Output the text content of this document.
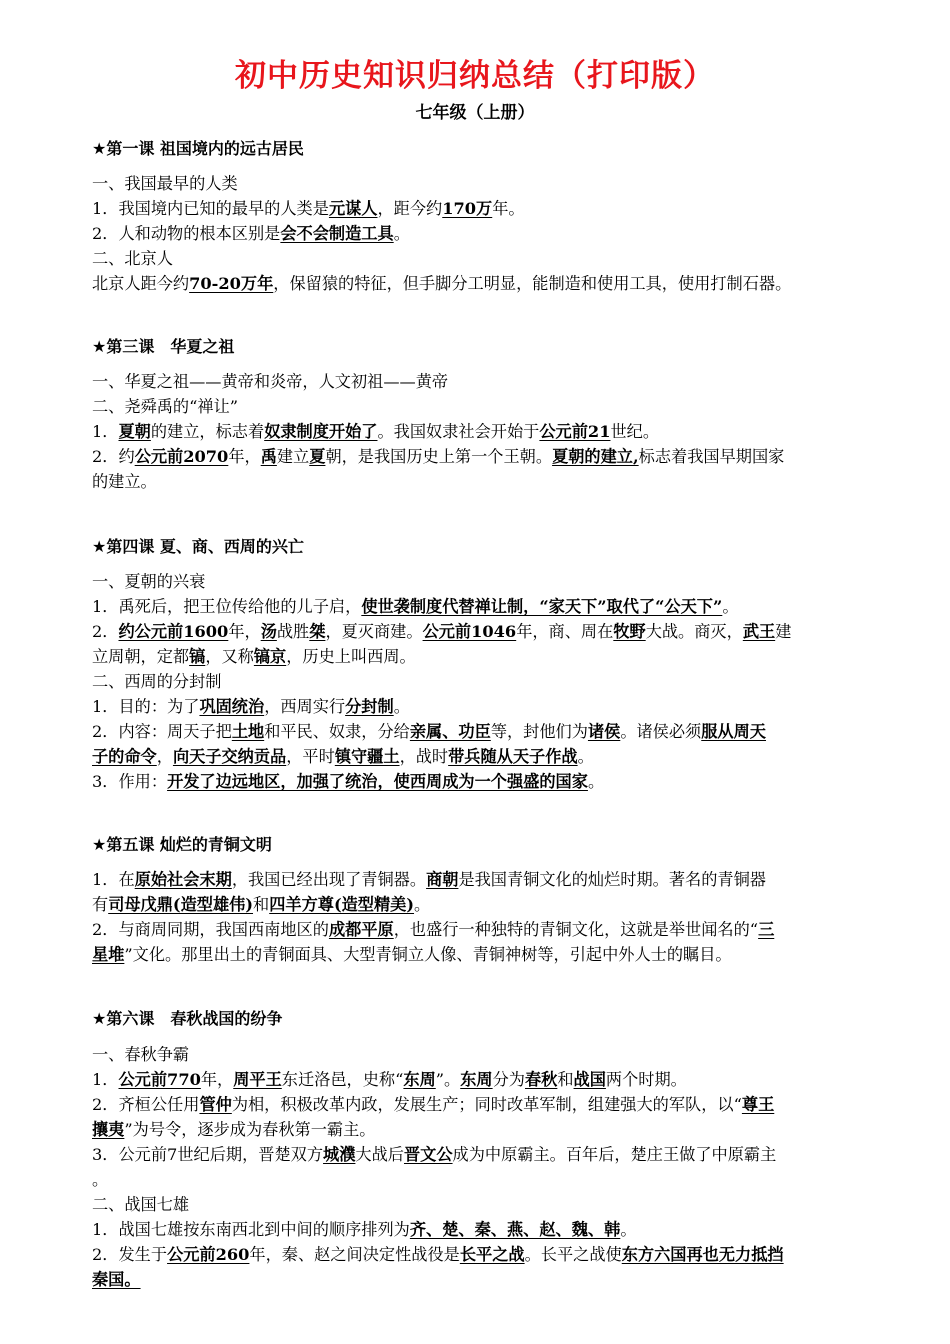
初中历史知识归纳总结（打印版）
七年级（上册）
★第一课 祖国境内的远古居民
一、我国最早的人类
1．我国境内已知的最早的人类是元谋人，距今约170万年。
2．人和动物的根本区别是会不会制造工具。
二、北京人
北京人距今约70-20万年，保留猿的特征，但手脚分工明显，能制造和使用工具，使用打制石器。
★第三课　华夏之祖
一、华夏之祖——黄帝和炎帝，人文初祖——黄帝
二、尧舜禹的“禅让”
1．夏朝的建立，标志着奴隶制度开始了。我国奴隶社会开始于公元前21世纪。
2．约公元前2070年，禹建立夏朝，是我国历史上第一个王朝。夏朝的建立,标志着我国早期国家
的建立。
★第四课 夏、商、西周的兴亡
一、夏朝的兴衰
1．禹死后，把王位传给他的儿子启，使世袭制度代替禅让制，“家天下”取代了“公天下”。
2．约公元前1600年，汤战胜桀，夏灭商建。公元前1046年，商、周在牧野大战。商灭，武王建
立周朝，定都镐，又称镐京，历史上叫西周。
二、西周的分封制
1．目的：为了巩固统治，西周实行分封制。
2．内容：周天子把土地和平民、奴隶，分给亲属、功臣等，封他们为诸侯。诸侯必须服从周天
子的命令，向天子交纳贡品，平时镇守疆土，战时带兵随从天子作战。
3．作用：开发了边远地区，加强了统治，使西周成为一个强盛的国家。
★第五课 灿烂的青铜文明
1．在原始社会末期，我国已经出现了青铜器。商朝是我国青铜文化的灿烂时期。著名的青铜器
有司母戊鼎(造型雄伟)和四羊方尊(造型精美)。
2．与商周同期，我国西南地区的成都平原，也盛行一种独特的青铜文化，这就是举世闻名的“三
星堆”文化。那里出土的青铜面具、大型青铜立人像、青铜神树等，引起中外人士的瞩目。
★第六课　春秋战国的纷争
一、春秋争霸
1．公元前770年，周平王东迁洛邑，史称“东周”。东周分为春秋和战国两个时期。
2．齐桓公任用管仲为相，积极改革内政，发展生产；同时改革军制，组建强大的军队，以“尊王
攘夷”为号令，逐步成为春秋第一霸主。
3．公元前7世纪后期，晋楚双方城濮大战后晋文公成为中原霸主。百年后，楚庄王做了中原霸主
。
二、战国七雄
1．战国七雄按东南西北到中间的顺序排列为齐、楚、秦、燕、赵、魏、韩。
2．发生于公元前260年，秦、赵之间决定性战役是长平之战。长平之战使东方六国再也无力抵挡
秦国。
